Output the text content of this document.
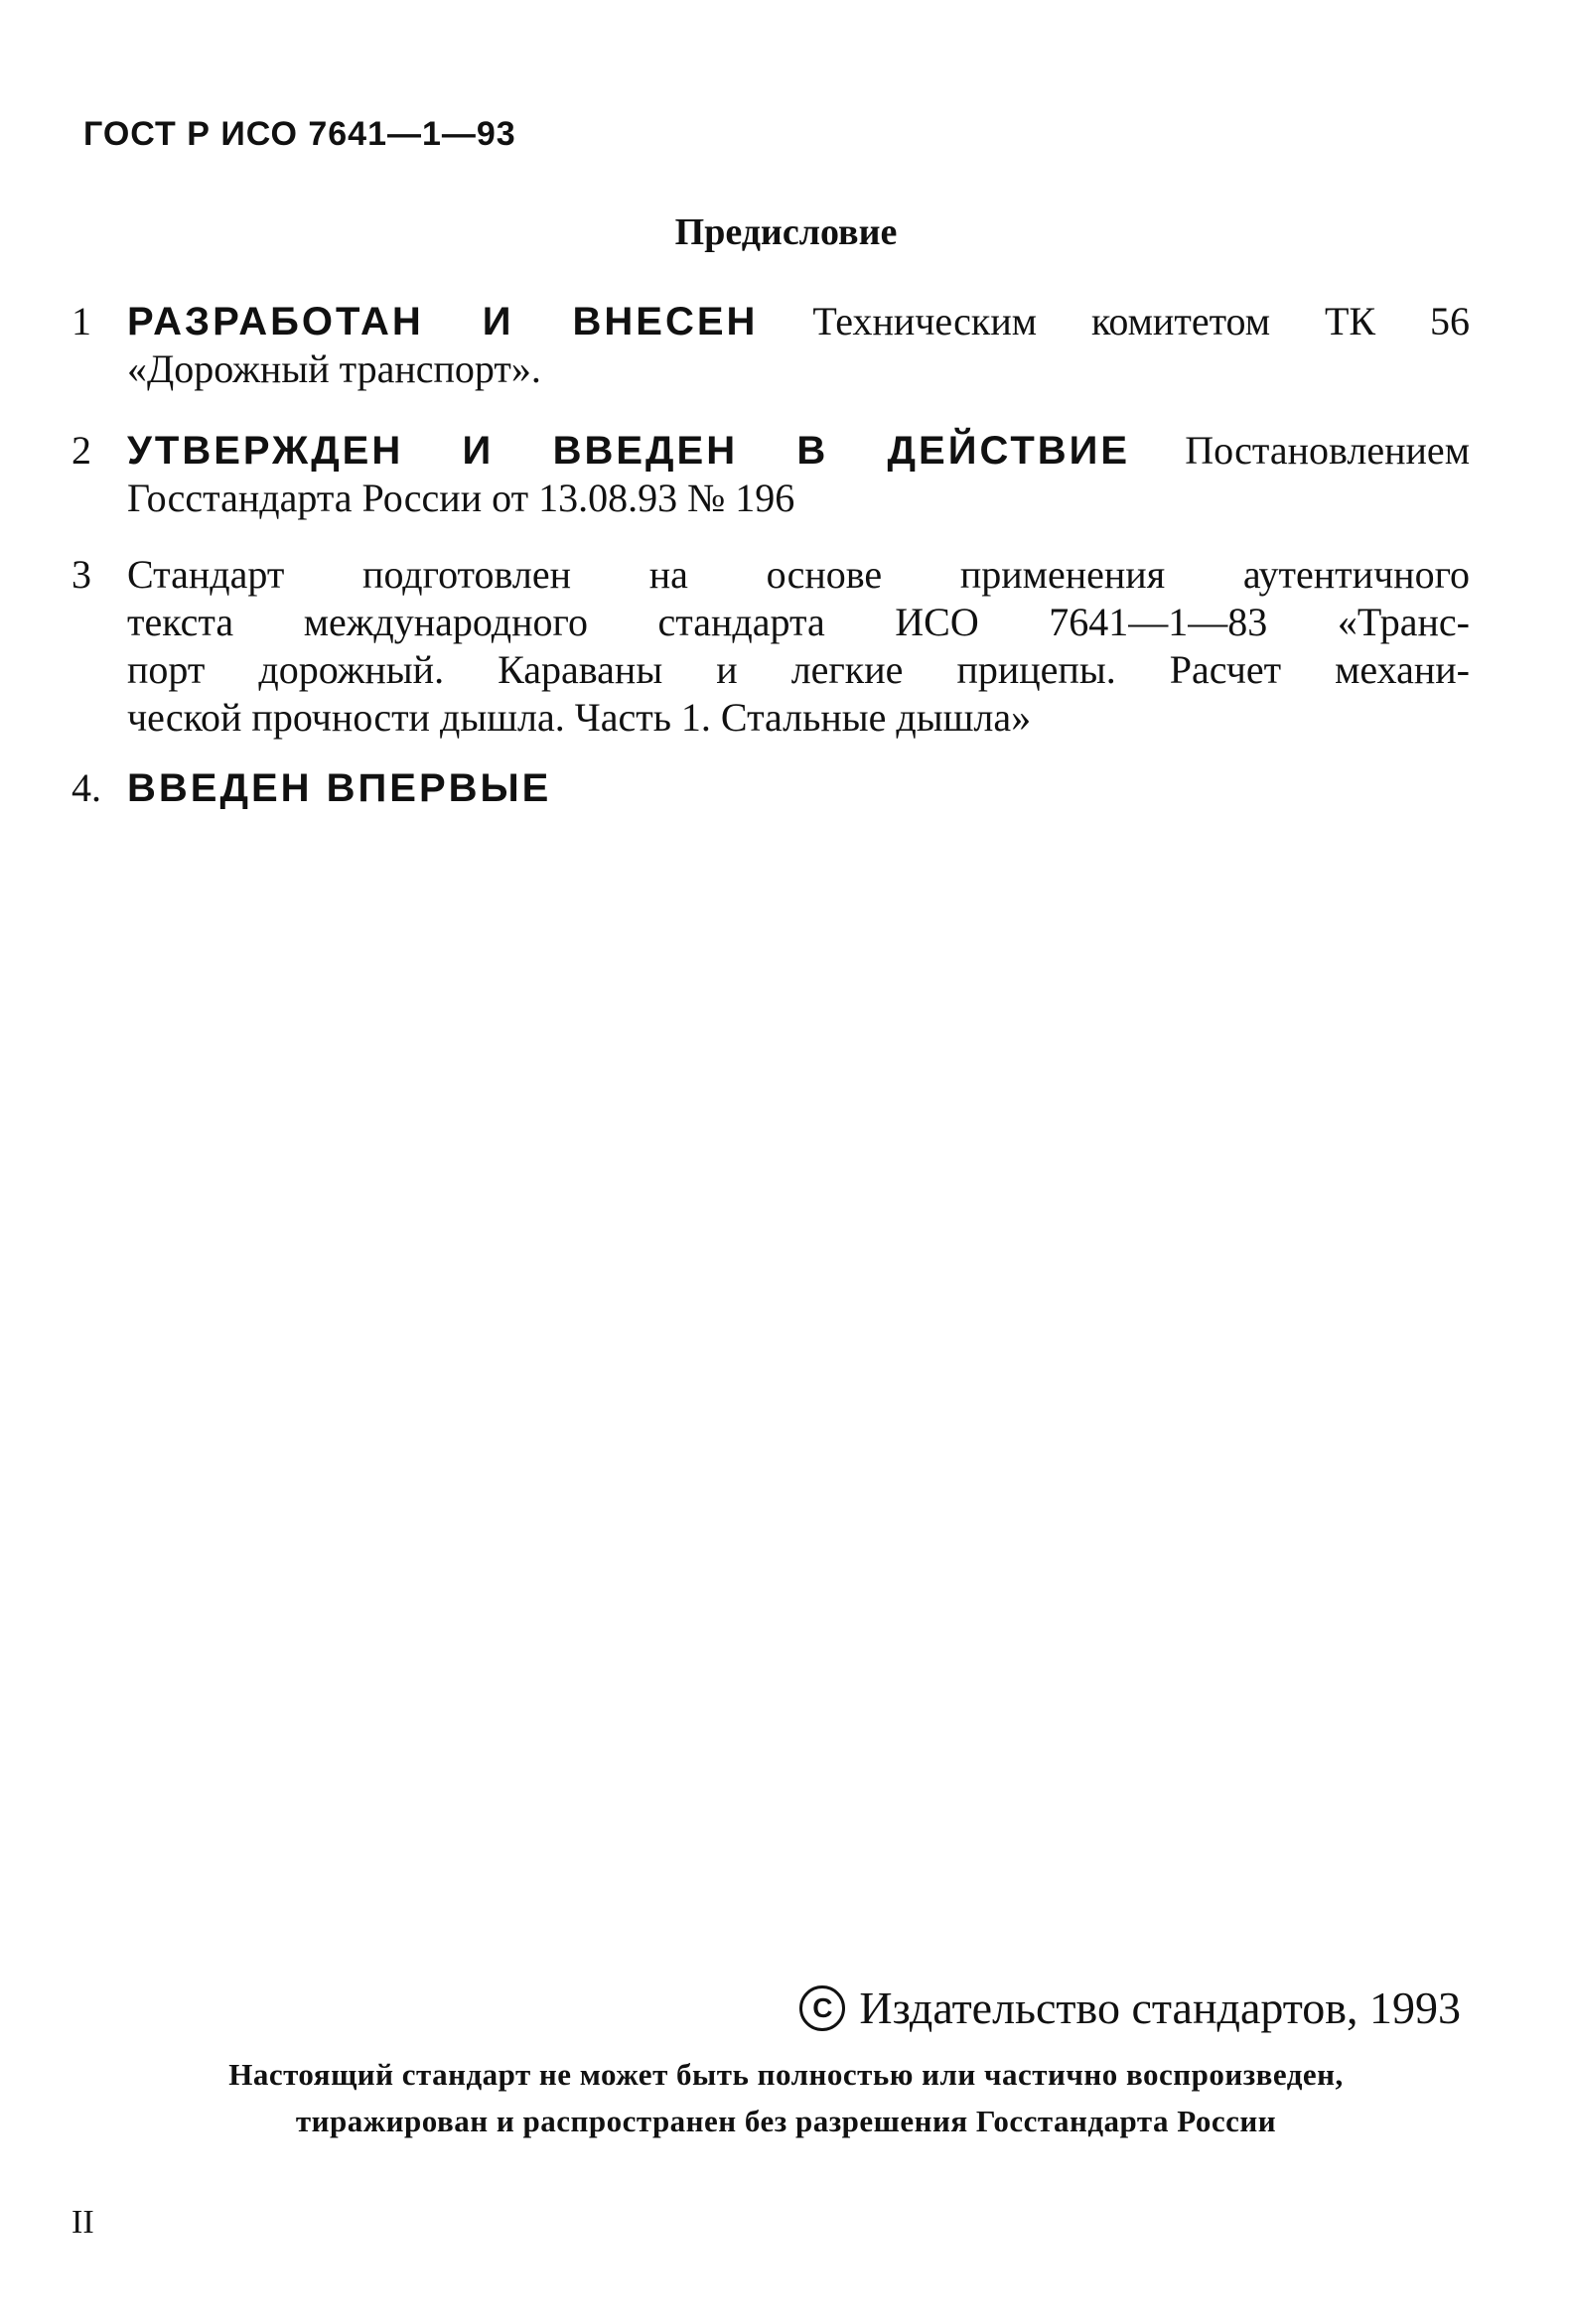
ГОСТ Р ИСО 7641—1—93
Предисловие
1 РАЗРАБОТАН И ВНЕСЕН Техническим комитетом ТК 56
«Дорожный транспорт».
2 УТВЕРЖДЕН И ВВЕДЕН В ДЕЙСТВИЕ Постановлением
Госстандарта России от 13.08.93 № 196
3 Стандарт подготовлен на основе применения аутентичного
текста международного стандарта ИСО 7641—1—83 «Транс-
порт дорожный. Караваны и легкие прицепы. Расчет механи-
ческой прочности дышла. Часть 1. Стальные дышла»
4. ВВЕДЕН ВПЕРВЫЕ
C Издательство стандартов, 1993
Настоящий стандарт не может быть полностью или частично воспроизведен,
тиражирован и распространен без разрешения Госстандарта России
II
